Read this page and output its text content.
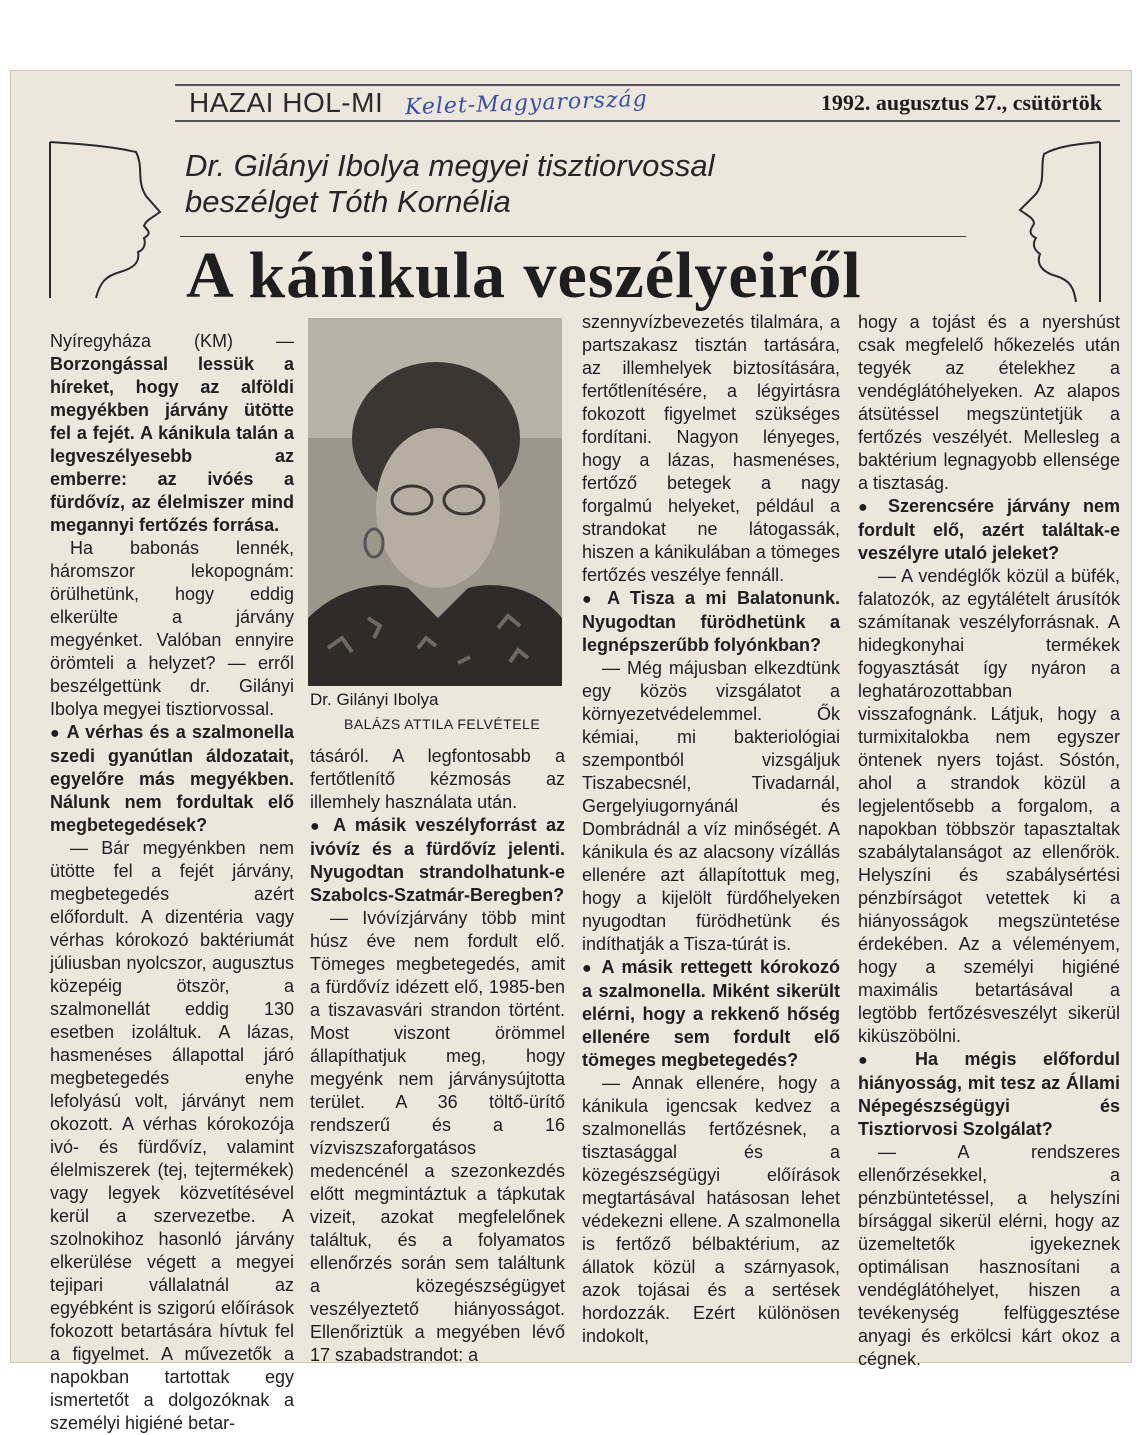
HAZAI HOL-MI Kelet-Magyarország	1992. augusztus 27., csütörtök
Dr. Gilányi Ibolya megyei tisztiorvossal
beszélget Tóth Kornélia
A kánikula veszélyeiről

Nyíregyháza (KM) — Borzongással lessük a híreket, hogy az alföldi megyékben járvány ütötte fel a fejét. A kánikula talán a legveszélyesebb az emberre: az ivóés a fürdővíz, az élelmiszer mind megannyi fertőzés forrása.

Ha babonás lennék, háromszor lekopognám: örülhetünk, hogy eddig elkerülte a járvány megyénket. Valóban ennyire örömteli a helyzet? — erről beszélgettünk dr. Gilányi Ibolya megyei tisztiorvossal.

● A vérhas és a szalmonella szedi gyanútlan áldozatait, egyelőre más megyékben. Nálunk nem fordultak elő megbetegedések?

— Bár megyénkben nem ütötte fel a fejét járvány, megbetegedés azért előfordult. A dizentéria vagy vérhas kórokozó baktériumát júliusban nyolcszor, augusztus közepéig ötször, a szalmonellát eddig 130 esetben izoláltuk. A lázas, hasmenéses állapottal járó megbetegedés enyhe lefolyású volt, járványt nem okozott. A vérhas kórokozója ivó- és fürdővíz, valamint élelmiszerek (tej, tejtermékek) vagy legyek közvetítésével kerül a szervezetbe. A szolnokihoz hasonló járvány elkerülése végett a megyei tejipari vállalatnál az egyébként is szigorú előírások fokozott betartására hívtuk fel a figyelmet. A művezetők a napokban tartottak egy ismertetőt a dolgozóknak a személyi higiéné betar-

Dr. Gilányi Ibolya
BALÁZS ATTILA FELVÉTELE

tásáról. A legfontosabb a fertőtlenítő kézmosás az illemhely használata után.

● A másik veszélyforrást az ivóvíz és a fürdővíz jelenti. Nyugodtan strandolhatunk-e Szabolcs-Szatmár-Beregben?

— Ivóvízjárvány több mint húsz éve nem fordult elő. Tömeges megbetegedés, amit a fürdővíz idézett elő, 1985-ben a tiszavasvári strandon történt. Most viszont örömmel állapíthatjuk meg, hogy megyénk nem járványsújtotta terület. A 36 töltő-ürítő rendszerű és a 16 vízviszszaforgatásos medencénél a szezonkezdés előtt megmintáztuk a tápkutak vizeit, azokat megfelelőnek találtuk, és a folyamatos ellenőrzés során sem találtunk a közegészségügyet veszélyeztető hiányosságot. Ellenőriztük a megyében lévő 17 szabadstrandot: a

szennyvízbevezetés tilalmára, a partszakasz tisztán tartására, az illemhelyek biztosítására, fertőtlenítésére, a légyirtásra fokozott figyelmet szükséges fordítani. Nagyon lényeges, hogy a lázas, hasmenéses, fertőző betegek a nagy forgalmú helyeket, például a strandokat ne látogassák, hiszen a kánikulában a tömeges fertőzés veszélye fennáll.

● A Tisza a mi Balatonunk. Nyugodtan fürödhetünk a legnépszerűbb folyónkban?

— Még májusban elkezdtünk egy közös vizsgálatot a környezetvédelemmel. Ők kémiai, mi bakteriológiai szempontból vizsgáljuk Tiszabecsnél, Tivadarnál, Gergelyiugornyánál és Dombrádnál a víz minőségét. A kánikula és az alacsony vízállás ellenére azt állapítottuk meg, hogy a kijelölt fürdőhelyeken nyugodtan fürödhetünk és indíthatják a Tisza-túrát is.

● A másik rettegett kórokozó a szalmonella. Miként sikerült elérni, hogy a rekkenő hőség ellenére sem fordult elő tömeges megbetegedés?

— Annak ellenére, hogy a kánikula igencsak kedvez a szalmonellás fertőzésnek, a tisztasággal és a közegészségügyi előírások megtartásával hatásosan lehet védekezni ellene. A szalmonella is fertőző bélbaktérium, az állatok közül a szárnyasok, azok tojásai és a sertések hordozzák. Ezért különösen indokolt,

hogy a tojást és a nyershúst csak megfelelő hőkezelés után tegyék az ételekhez a vendéglátóhelyeken. Az alapos átsütéssel megszüntetjük a fertőzés veszélyét. Mellesleg a baktérium legnagyobb ellensége a tisztaság.

● Szerencsére járvány nem fordult elő, azért találtak-e veszélyre utaló jeleket?

— A vendéglők közül a büfék, falatozók, az egytálételt árusítók számítanak veszélyforrásnak. A hidegkonyhai termékek fogyasztását így nyáron a leghatározottabban visszafognánk. Látjuk, hogy a turmixitalokba nem egyszer öntenek nyers tojást. Sóstón, ahol a strandok közül a legjelentősebb a forgalom, a napokban többször tapasztaltak szabálytalanságot az ellenőrök. Helyszíni és szabálysértési pénzbírságot vetettek ki a hiányosságok megszüntetése érdekében. Az a véleményem, hogy a személyi higiéné maximális betartásával a legtöbb fertőzésveszélyt sikerül kiküszöbölni.

● Ha mégis előfordul hiányosság, mit tesz az Állami Népegészségügyi és Tisztiorvosi Szolgálat?

— A rendszeres ellenőrzésekkel, a pénzbüntetéssel, a helyszíni bírsággal sikerül elérni, hogy az üzemeltetők igyekeznek optimálisan hasznosítani a vendéglátóhelyet, hiszen a tevékenység felfüggesztése anyagi és erkölcsi kárt okoz a cégnek.
